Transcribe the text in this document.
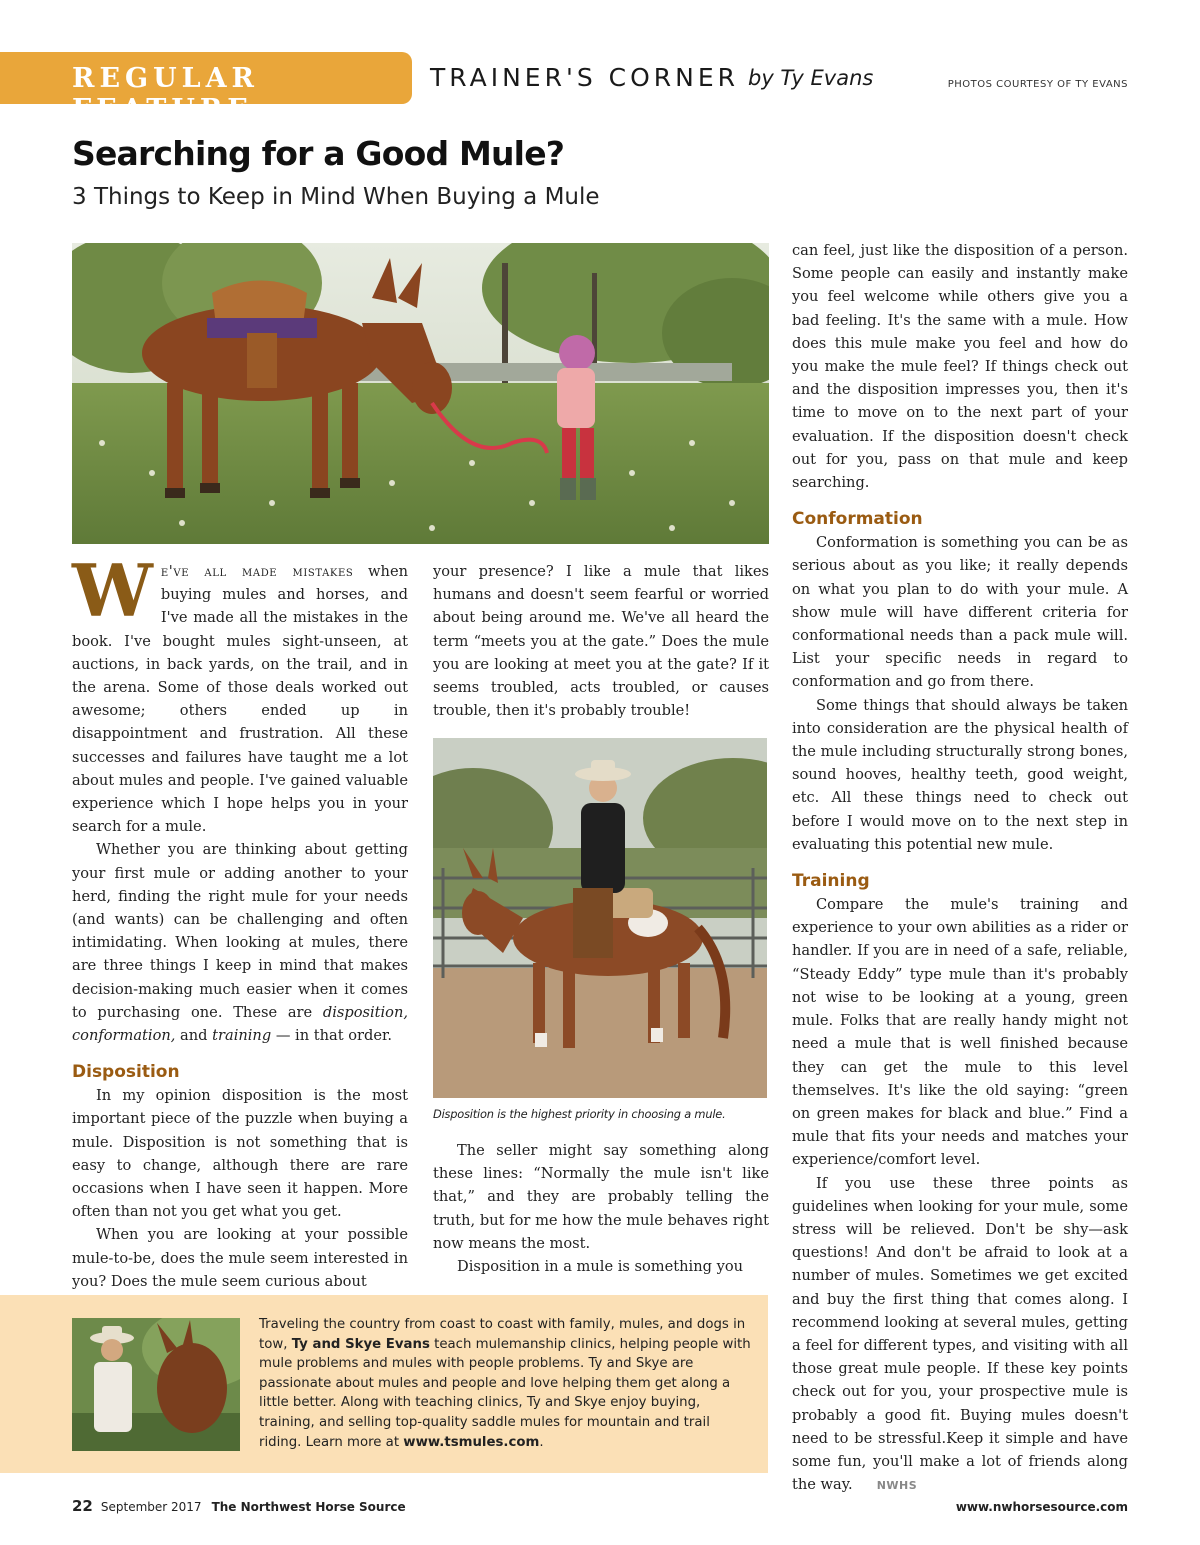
REGULAR FEATURE
TRAINER'S CORNER by Ty Evans	PHOTOS COURTESY OF TY EVANS
Searching for a Good Mule?
3 Things to Keep in Mind When Buying a Mule

We've all made mistakes when buying mules and horses, and I've made all the mistakes in the book. I've bought mules sight-unseen, at auctions, in back yards, on the trail, and in the arena. Some of those deals worked out awesome; others ended up in disappointment and frustration. All these successes and failures have taught me a lot about mules and people. I've gained valuable experience which I hope helps you in your search for a mule.

Whether you are thinking about getting your first mule or adding another to your herd, finding the right mule for your needs (and wants) can be challenging and often intimidating. When looking at mules, there are three things I keep in mind that makes decision-making much easier when it comes to purchasing one. These are disposition, conformation, and training — in that order.

Disposition

In my opinion disposition is the most important piece of the puzzle when buying a mule. Disposition is not something that is easy to change, although there are rare occasions when I have seen it happen. More often than not you get what you get.

When you are looking at your possible mule-to-be, does the mule seem interested in you? Does the mule seem curious about

your presence? I like a mule that likes humans and doesn't seem fearful or worried about being around me. We've all heard the term “meets you at the gate.” Does the mule you are looking at meet you at the gate? If it seems troubled, acts troubled, or causes trouble, then it's probably trouble!

Disposition is the highest priority in choosing a mule.

The seller might say something along these lines: “Normally the mule isn't like that,” and they are probably telling the truth, but for me how the mule behaves right now means the most.

Disposition in a mule is something you

can feel, just like the disposition of a person. Some people can easily and instantly make you feel welcome while others give you a bad feeling. It's the same with a mule. How does this mule make you feel and how do you make the mule feel? If things check out and the disposition impresses you, then it's time to move on to the next part of your evaluation. If the disposition doesn't check out for you, pass on that mule and keep searching.

Conformation

Conformation is something you can be as serious about as you like; it really depends on what you plan to do with your mule. A show mule will have different criteria for conformational needs than a pack mule will. List your specific needs in regard to conformation and go from there.

Some things that should always be taken into consideration are the physical health of the mule including structurally strong bones, sound hooves, healthy teeth, good weight, etc. All these things need to check out before I would move on to the next step in evaluating this potential new mule.

Training

Compare the mule's training and experience to your own abilities as a rider or handler. If you are in need of a safe, reliable, “Steady Eddy” type mule than it's probably not wise to be looking at a young, green mule. Folks that are really handy might not need a mule that is well finished because they can get the mule to this level themselves. It's like the old saying: “green on green makes for black and blue.” Find a mule that fits your needs and matches your experience/comfort level.

If you use these three points as guidelines when looking for your mule, some stress will be relieved. Don't be shy—ask questions! And don't be afraid to look at a number of mules. Sometimes we get excited and buy the first thing that comes along. I recommend looking at several mules, getting a feel for different types, and visiting with all those great mule people. If these key points check out for you, your prospective mule is probably a good fit. Buying mules doesn't need to be stressful.Keep it simple and have some fun, you'll make a lot of friends along the way. NWHS

Traveling the country from coast to coast with family, mules, and dogs in tow, Ty and Skye Evans teach mulemanship clinics, helping people with mule problems and mules with people problems. Ty and Skye are passionate about mules and people and love helping them get along a little better. Along with teaching clinics, Ty and Skye enjoy buying, training, and selling top-quality saddle mules for mountain and trail riding. Learn more at www.tsmules.com.
22 September 2017 The Northwest Horse Source	www.nwhorsesource.com
